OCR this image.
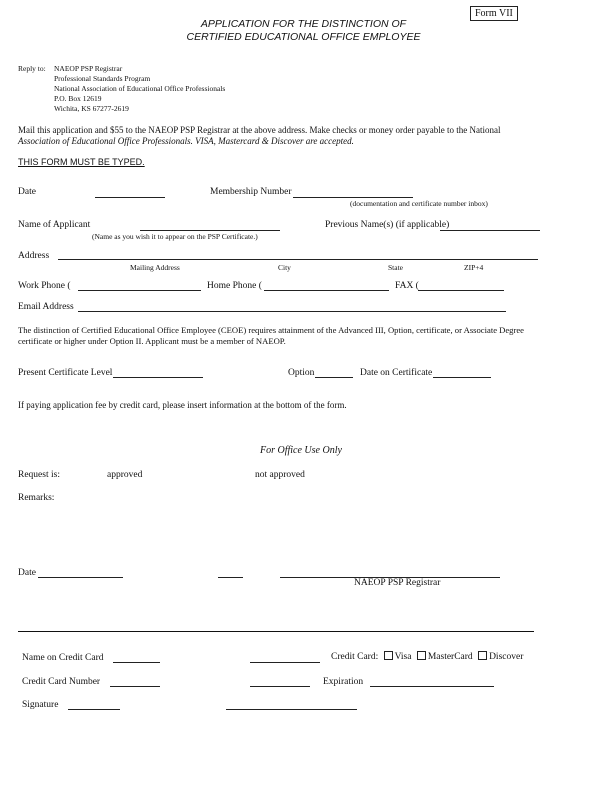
Form VII
APPLICATION FOR THE DISTINCTION OF
CERTIFIED EDUCATIONAL OFFICE EMPLOYEE
Reply to: NAEOP PSP Registrar
Professional Standards Program
National Association of Educational Office Professionals
P.O. Box 12619
Wichita, KS 67277-2619
Mail this application and $55 to the NAEOP PSP Registrar at the above address. Make checks or money order payable to the National
Association of Educational Office Professionals. VISA, Mastercard & Discover are accepted.
THIS FORM MUST BE TYPED.
Date	Membership Number
(documentation and certificate number inbox)
Name of Applicant
(Name as you wish it to appear on the PSP Certificate.)
Previous Name(s) (if applicable)
Address
Mailing Address	City	State	ZIP+4
Work Phone (	Home Phone (	FAX (
Email Address
The distinction of Certified Educational Office Employee (CEOE) requires attainment of the Advanced III, Option, certificate, or Associate Degree
certificate or higher under Option II. Applicant must be a member of NAEOP.
Present Certificate Level	Option	Date on Certificate
If paying application fee by credit card, please insert information at the bottom of the form.
For Office Use Only
Request is:	approved	not approved
Remarks:
Date
NAEOP PSP Registrar
Name on Credit Card	Credit Card: Visa MasterCard Discover
Credit Card Number	Expiration
Signature
